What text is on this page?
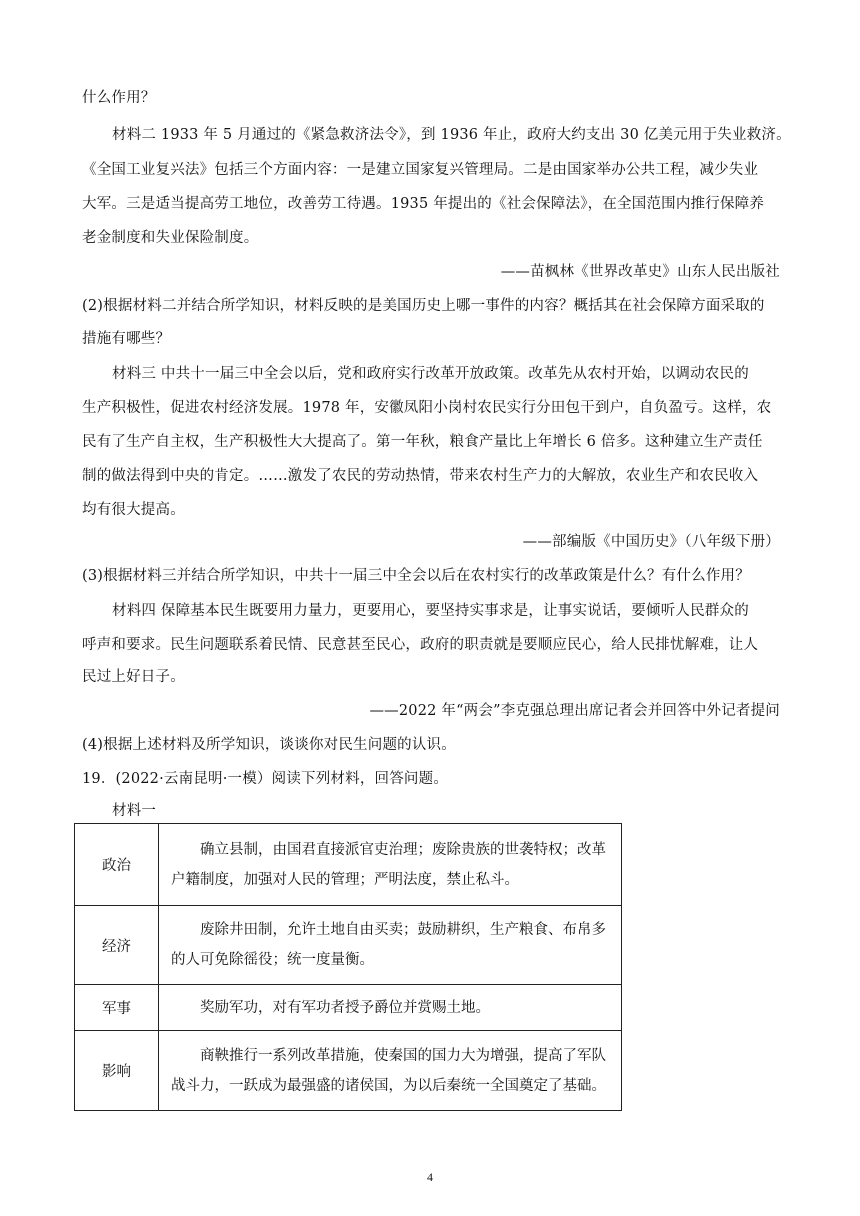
什么作用？
材料二 1933 年 5 月通过的《紧急救济法令》，到 1936 年止，政府大约支出 30 亿美元用于失业救济。
《全国工业复兴法》包括三个方面内容：一是建立国家复兴管理局。二是由国家举办公共工程，减少失业
大军。三是适当提高劳工地位，改善劳工待遇。1935 年提出的《社会保障法》，在全国范围内推行保障养
老金制度和失业保险制度。
——苗枫林《世界改革史》山东人民出版社
(2)根据材料二并结合所学知识，材料反映的是美国历史上哪一事件的内容？概括其在社会保障方面采取的
措施有哪些？
材料三 中共十一届三中全会以后，党和政府实行改革开放政策。改革先从农村开始，以调动农民的
生产积极性，促进农村经济发展。1978 年，安徽凤阳小岗村农民实行分田包干到户，自负盈亏。这样，农
民有了生产自主权，生产积极性大大提高了。第一年秋，粮食产量比上年增长 6 倍多。这种建立生产责任
制的做法得到中央的肯定。……激发了农民的劳动热情，带来农村生产力的大解放，农业生产和农民收入
均有很大提高。
——部编版《中国历史》（八年级下册）
(3)根据材料三并结合所学知识，中共十一届三中全会以后在农村实行的改革政策是什么？有什么作用？
材料四 保障基本民生既要用力量力，更要用心，要坚持实事求是，让事实说话，要倾听人民群众的
呼声和要求。民生问题联系着民情、民意甚至民心，政府的职责就是要顺应民心，给人民排忧解难，让人
民过上好日子。
——2022 年“两会”李克强总理出席记者会并回答中外记者提问
(4)根据上述材料及所学知识，谈谈你对民生问题的认识。
19．(2022·云南昆明·一模）阅读下列材料，回答问题。
材料一
政治	确立县制，由国君直接派官吏治理；废除贵族的世袭特权；改革户籍制度，加强对人民的管理；严明法度，禁止私斗。

经济	废除井田制，允许土地自由买卖；鼓励耕织，生产粮食、布帛多的人可免除徭役；统一度量衡。

军事	奖励军功，对有军功者授予爵位并赏赐土地。

影响	商鞅推行一系列改革措施，使秦国的国力大为增强，提高了军队战斗力，一跃成为最强盛的诸侯国，为以后秦统一全国奠定了基础。
4
